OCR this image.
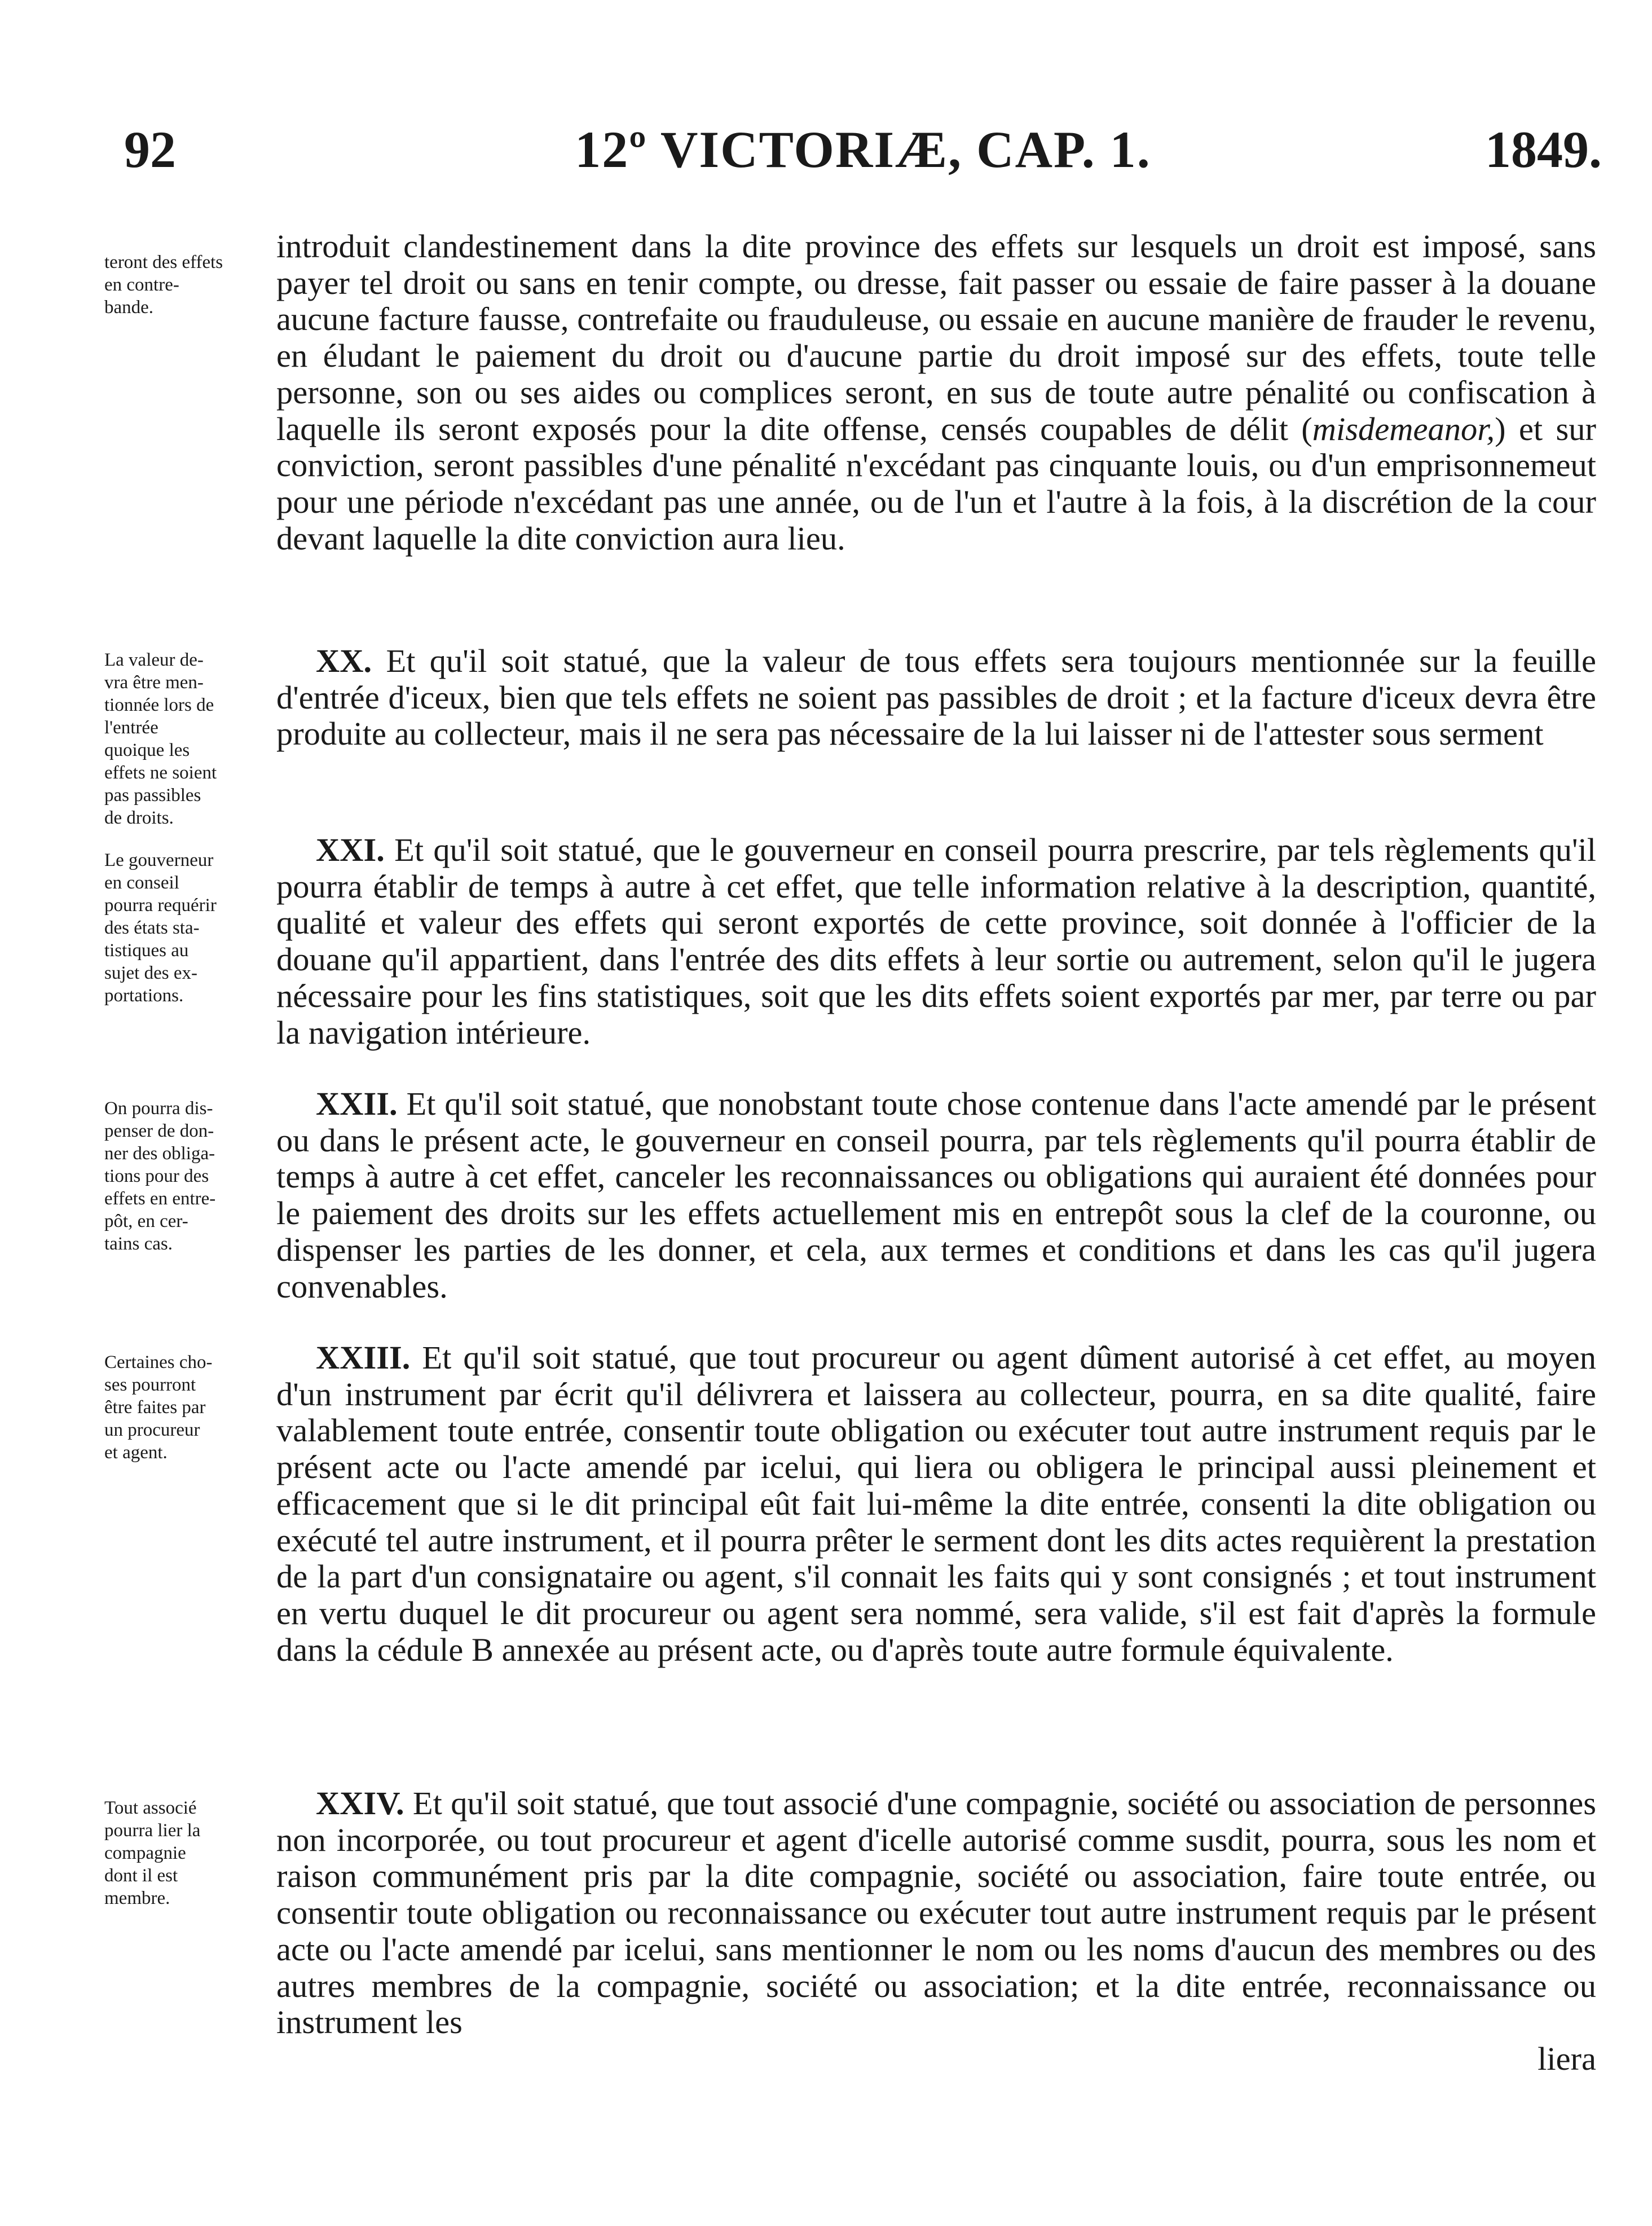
92	12º VICTORIÆ, CAP. 1.	1849.
teront des effets
en contre-
bande.

introduit clandestinement dans la dite province des effets sur lesquels un droit est imposé, sans payer tel droit ou sans en tenir compte, ou dresse, fait passer ou essaie de faire passer à la douane aucune facture fausse, contrefaite ou frauduleuse, ou essaie en aucune manière de frauder le revenu, en éludant le paiement du droit ou d'aucune partie du droit imposé sur des effets, toute telle personne, son ou ses aides ou complices seront, en sus de toute autre pénalité ou confiscation à laquelle ils seront exposés pour la dite offense, censés coupables de délit (misdemeanor,) et sur conviction, seront passibles d'une pénalité n'excédant pas cinquante louis, ou d'un emprisonnemeut pour une période n'excédant pas une année, ou de l'un et l'autre à la fois, à la discrétion de la cour devant laquelle la dite conviction aura lieu.

La valeur de-
vra être men-
tionnée lors de
l'entrée
quoique les
effets ne soient
pas passibles
de droits.

XX. Et qu'il soit statué, que la valeur de tous effets sera toujours mentionnée sur la feuille d'entrée d'iceux, bien que tels effets ne soient pas passibles de droit ; et la facture d'iceux devra être produite au collecteur, mais il ne sera pas nécessaire de la lui laisser ni de l'attester sous serment

Le gouverneur
en conseil
pourra requérir
des états sta-
tistiques au
sujet des ex-
portations.

XXI. Et qu'il soit statué, que le gouverneur en conseil pourra prescrire, par tels règlements qu'il pourra établir de temps à autre à cet effet, que telle information relative à la description, quantité, qualité et valeur des effets qui seront exportés de cette province, soit donnée à l'officier de la douane qu'il appartient, dans l'entrée des dits effets à leur sortie ou autrement, selon qu'il le jugera nécessaire pour les fins statistiques, soit que les dits effets soient exportés par mer, par terre ou par la navigation intérieure.

On pourra dis-
penser de don-
ner des obliga-
tions pour des
effets en entre-
pôt, en cer-
tains cas.

XXII. Et qu'il soit statué, que nonobstant toute chose contenue dans l'acte amendé par le présent ou dans le présent acte, le gouverneur en conseil pourra, par tels règlements qu'il pourra établir de temps à autre à cet effet, canceler les reconnaissances ou obligations qui auraient été données pour le paiement des droits sur les effets actuellement mis en entrepôt sous la clef de la couronne, ou dispenser les parties de les donner, et cela, aux termes et conditions et dans les cas qu'il jugera convenables.

Certaines cho-
ses pourront
être faites par
un procureur
et agent.

XXIII. Et qu'il soit statué, que tout procureur ou agent dûment autorisé à cet effet, au moyen d'un instrument par écrit qu'il délivrera et laissera au collecteur, pourra, en sa dite qualité, faire valablement toute entrée, consentir toute obligation ou exécuter tout autre instrument requis par le présent acte ou l'acte amendé par icelui, qui liera ou obligera le principal aussi pleinement et efficacement que si le dit principal eût fait lui-même la dite entrée, consenti la dite obligation ou exécuté tel autre instrument, et il pourra prêter le serment dont les dits actes requièrent la prestation de la part d'un consignataire ou agent, s'il connait les faits qui y sont consignés ; et tout instrument en vertu duquel le dit procureur ou agent sera nommé, sera valide, s'il est fait d'après la formule dans la cédule B annexée au présent acte, ou d'après toute autre formule équivalente.

Tout associé
pourra lier la
compagnie
dont il est
membre.

XXIV. Et qu'il soit statué, que tout associé d'une compagnie, société ou association de personnes non incorporée, ou tout procureur et agent d'icelle autorisé comme susdit, pourra, sous les nom et raison communément pris par la dite compagnie, société ou association, faire toute entrée, ou consentir toute obligation ou reconnaissance ou exécuter tout autre instrument requis par le présent acte ou l'acte amendé par icelui, sans mentionner le nom ou les noms d'aucun des membres ou des autres membres de la compagnie, société ou association; et la dite entrée, reconnaissance ou instrument les
liera
